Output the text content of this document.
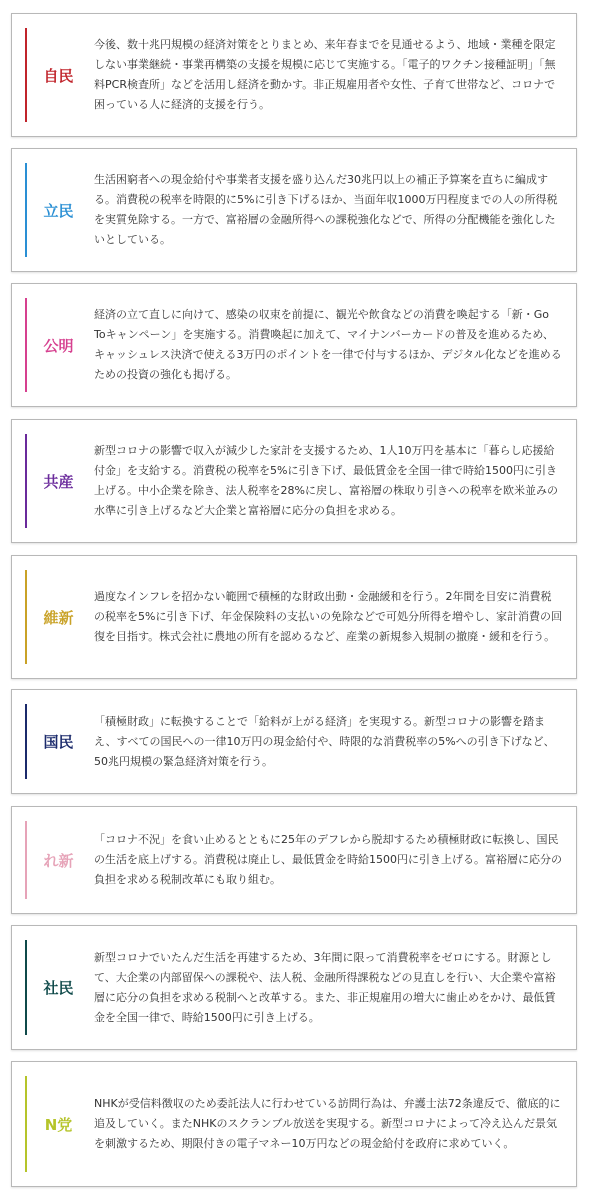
自民
今後、数十兆円規模の経済対策をとりまとめ、来年春までを見通せるよう、地域・業種を限定しない事業継続・事業再構築の支援を規模に応じて実施する。「電子的ワクチン接種証明」「無料PCR検査所」などを活用し経済を動かす。非正規雇用者や女性、子育て世帯など、コロナで困っている人に経済的支援を行う。
立民
生活困窮者への現金給付や事業者支援を盛り込んだ30兆円以上の補正予算案を直ちに編成する。消費税の税率を時限的に5%に引き下げるほか、当面年収1000万円程度までの人の所得税を実質免除する。一方で、富裕層の金融所得への課税強化などで、所得の分配機能を強化したいとしている。
公明
経済の立て直しに向けて、感染の収束を前提に、観光や飲食などの消費を喚起する「新・Go Toキャンペーン」を実施する。消費喚起に加えて、マイナンバーカードの普及を進めるため、キャッシュレス決済で使える3万円のポイントを一律で付与するほか、デジタル化などを進めるための投資の強化も掲げる。
共産
新型コロナの影響で収入が減少した家計を支援するため、1人10万円を基本に「暮らし応援給付金」を支給する。消費税の税率を5%に引き下げ、最低賃金を全国一律で時給1500円に引き上げる。中小企業を除き、法人税率を28%に戻し、富裕層の株取り引きへの税率を欧米並みの水準に引き上げるなど大企業と富裕層に応分の負担を求める。
維新
過度なインフレを招かない範囲で積極的な財政出動・金融緩和を行う。2年間を目安に消費税の税率を5%に引き下げ、年金保険料の支払いの免除などで可処分所得を増やし、家計消費の回復を目指す。株式会社に農地の所有を認めるなど、産業の新規参入規制の撤廃・緩和を行う。
国民
「積極財政」に転換することで「給料が上がる経済」を実現する。新型コロナの影響を踏まえ、すべての国民への一律10万円の現金給付や、時限的な消費税率の5%への引き下げなど、50兆円規模の緊急経済対策を行う。
れ新
「コロナ不況」を食い止めるとともに25年のデフレから脱却するため積極財政に転換し、国民の生活を底上げする。消費税は廃止し、最低賃金を時給1500円に引き上げる。富裕層に応分の負担を求める税制改革にも取り組む。
社民
新型コロナでいたんだ生活を再建するため、3年間に限って消費税率をゼロにする。財源として、大企業の内部留保への課税や、法人税、金融所得課税などの見直しを行い、大企業や富裕層に応分の負担を求める税制へと改革する。また、非正規雇用の増大に歯止めをかけ、最低賃金を全国一律で、時給1500円に引き上げる。
N党
NHKが受信料徴収のため委託法人に行わせている訪問行為は、弁護士法72条違反で、徹底的に追及していく。またNHKのスクランブル放送を実現する。新型コロナによって冷え込んだ景気を刺激するため、期限付きの電子マネー10万円などの現金給付を政府に求めていく。
